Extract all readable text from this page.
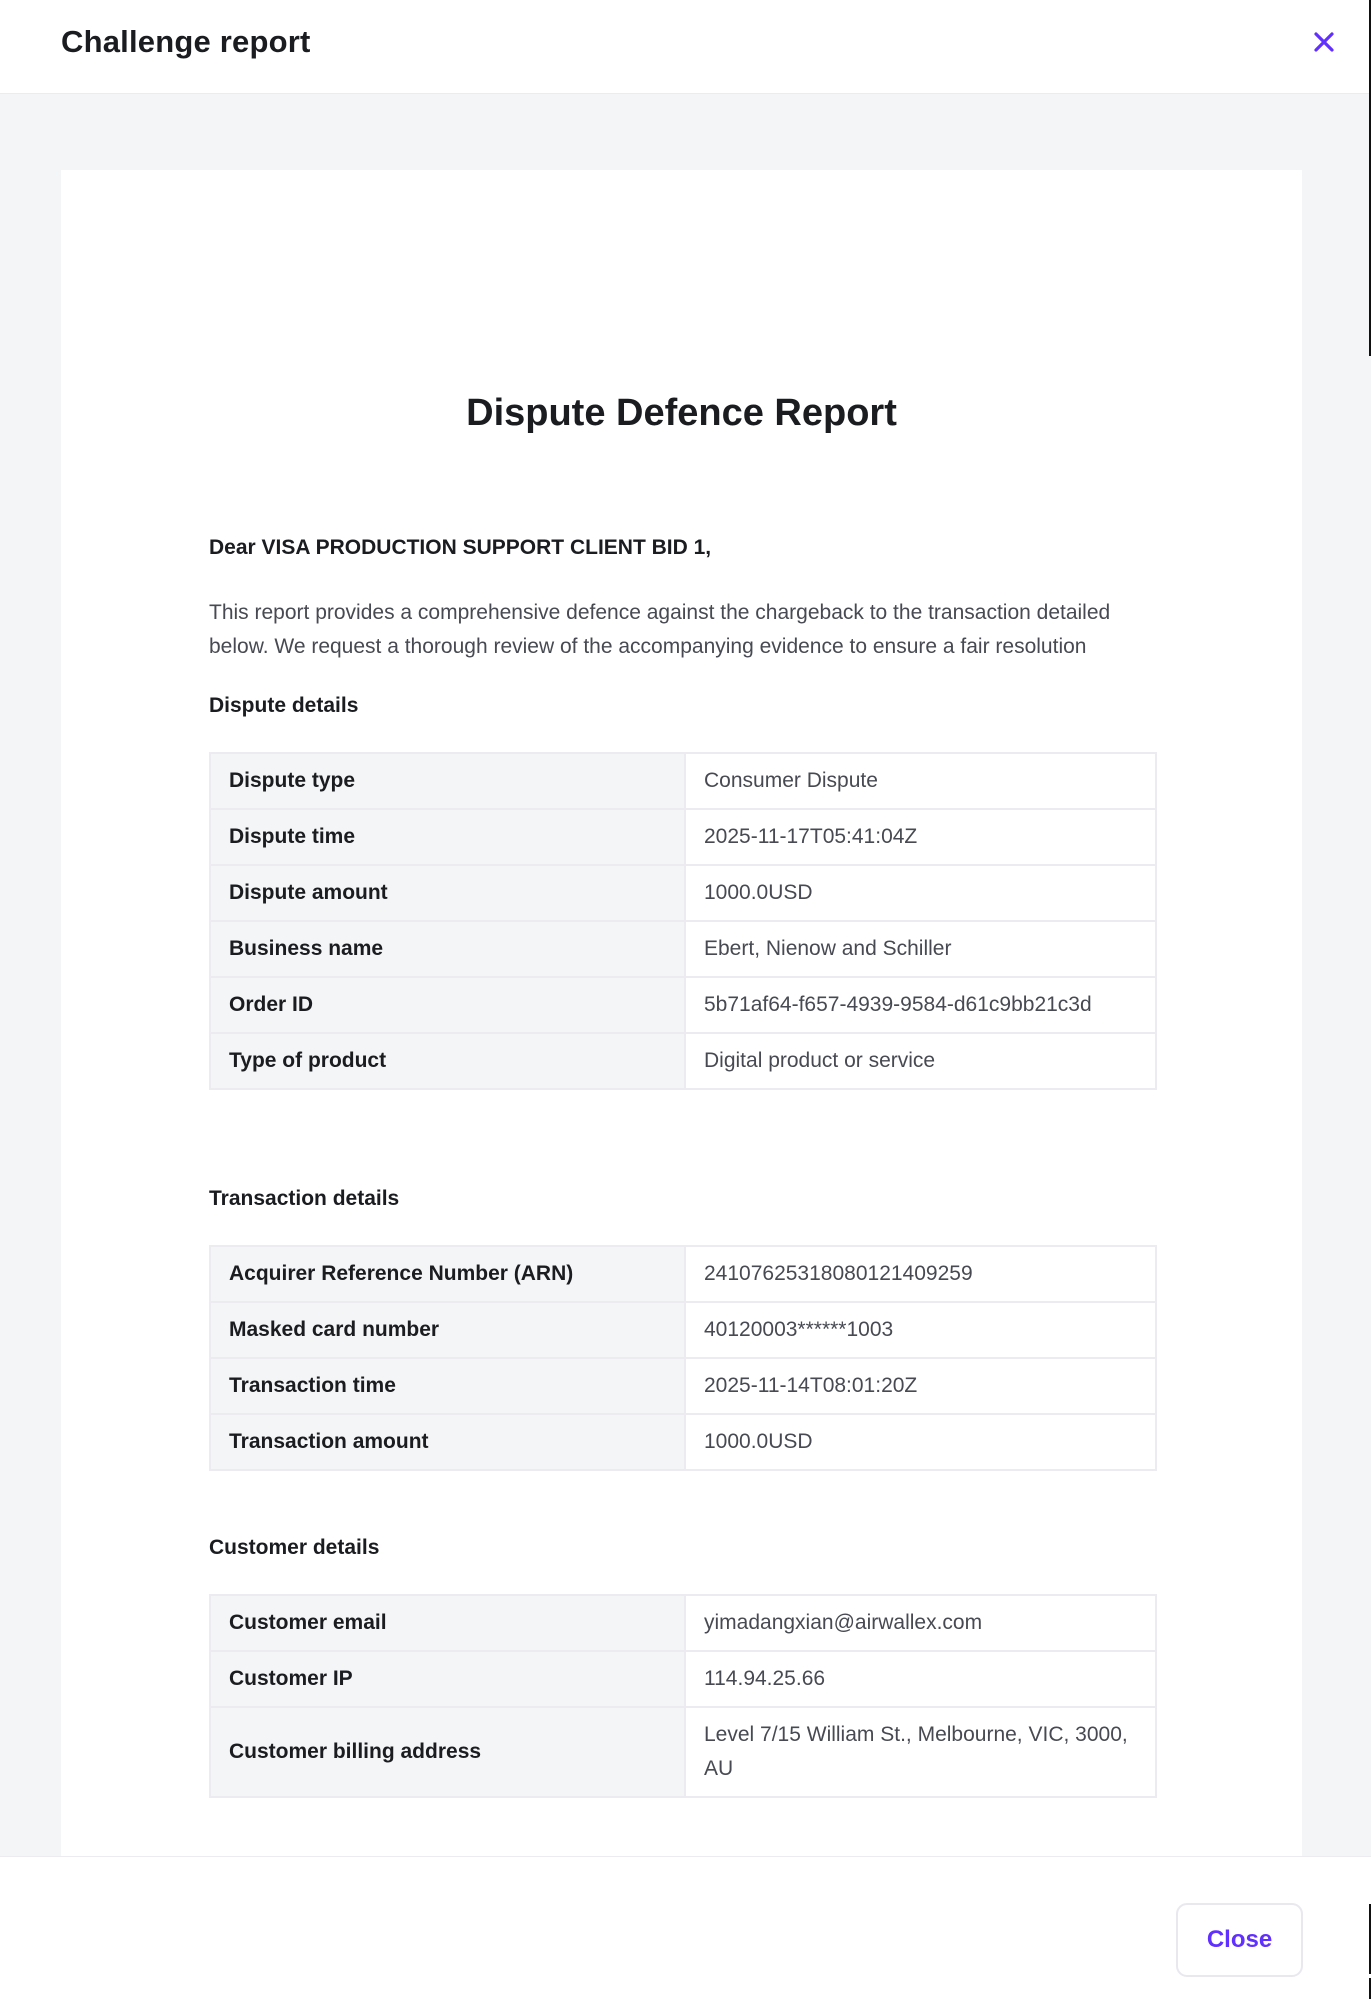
Challenge report
Dispute Defence Report
Dear VISA PRODUCTION SUPPORT CLIENT BID 1,
This report provides a comprehensive defence against the chargeback to the transaction detailed below. We request a thorough review of the accompanying evidence to ensure a fair resolution
Dispute details
Dispute type	Consumer Dispute
Dispute time	2025-11-17T05:41:04Z
Dispute amount	1000.0USD
Business name	Ebert, Nienow and Schiller
Order ID	5b71af64-f657-4939-9584-d61c9bb21c3d
Type of product	Digital product or service
Transaction details
Acquirer Reference Number (ARN)	24107625318080121409259
Masked card number	40120003******1003
Transaction time	2025-11-14T08:01:20Z
Transaction amount	1000.0USD
Customer details
Customer email	yimadangxian@airwallex.com
Customer IP	114.94.25.66
Customer billing address	Level 7/15 William St., Melbourne, VIC, 3000, AU
Close
